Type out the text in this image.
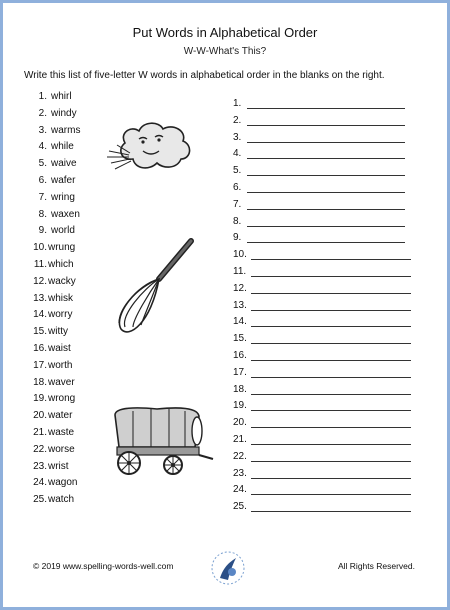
Put Words in Alphabetical Order
W-W-What's This?
Write this list of five-letter W words in alphabetical order in the blanks on the right.
1. whirl
2. windy
3. warms
4. while
5. waive
6. wafer
7. wring
8. waxen
9. world
10.wrung
11.which
12.wacky
13.whisk
14.worry
15.witty
16.waist
17.worth
18.waver
19.wrong
20.water
21.waste
22.worse
23.wrist
24.wagon
25.watch
1.
2.
3.
4.
5.
6.
7.
8.
9.
10.
11.
12.
13.
14.
15.
16.
17.
18.
19.
20.
21.
22.
23.
24.
25.
© 2019 www.spelling-words-well.com	All Rights Reserved.
